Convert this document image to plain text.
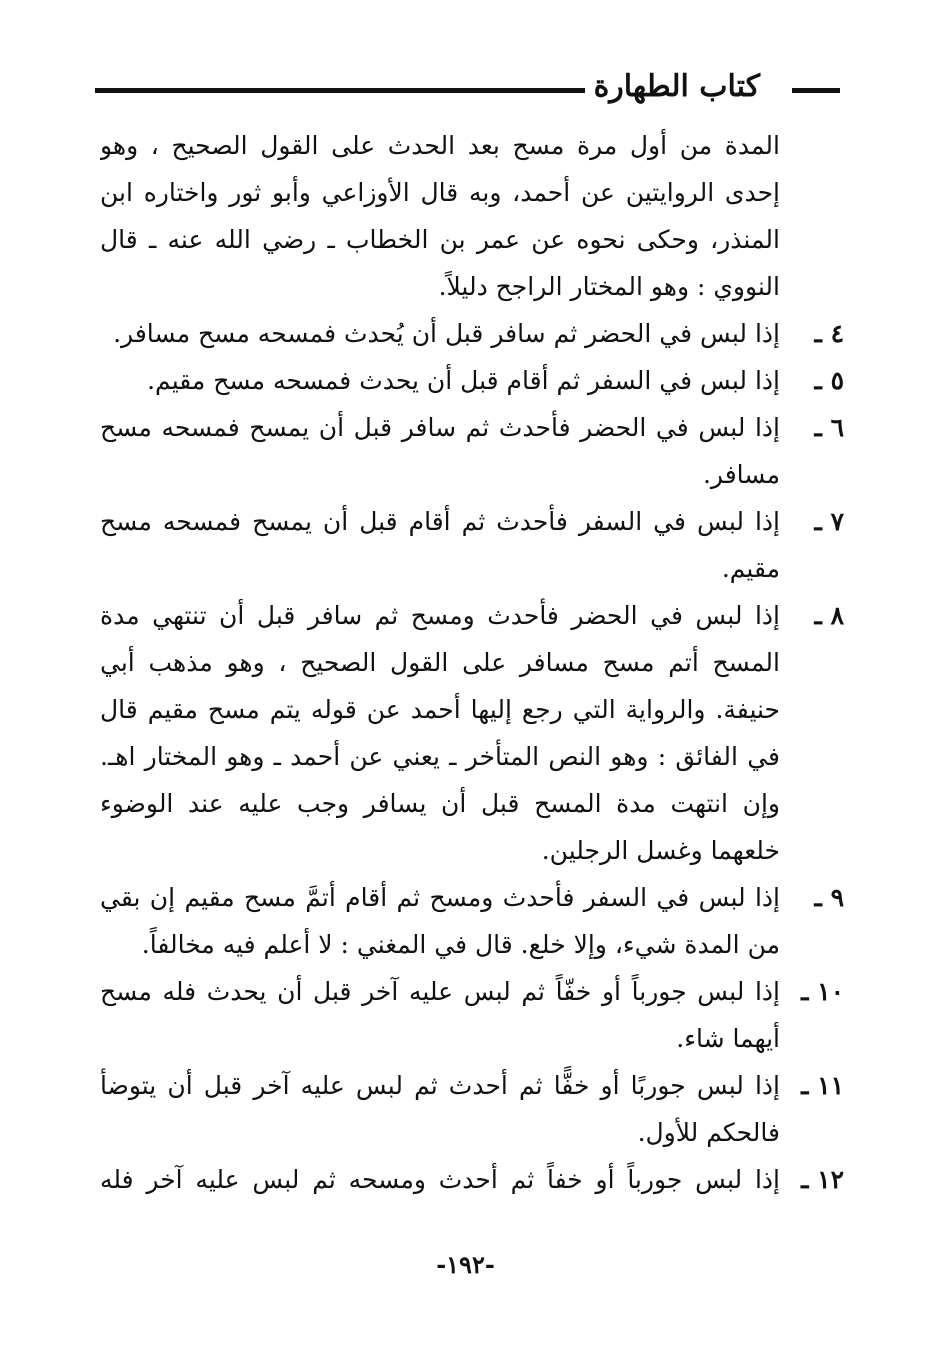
كتاب الطهارة
المدة من أول مرة مسح بعد الحدث على القول الصحيح ، وهو
إحدى الروايتين عن أحمد، وبه قال الأوزاعي وأبو ثور واختاره ابن
المنذر، وحكى نحوه عن عمر بن الخطاب ـ رضي الله عنه ـ قال
النووي : وهو المختار الراجح دليلاً.
٤ ـ
إذا لبس في الحضر ثم سافر قبل أن يُحدث فمسحه مسح مسافر.
٥ ـ
إذا لبس في السفر ثم أقام قبل أن يحدث فمسحه مسح مقيم.
٦ ـ
إذا لبس في الحضر فأحدث ثم سافر قبل أن يمسح فمسحه مسح
مسافر.
٧ ـ
إذا لبس في السفر فأحدث ثم أقام قبل أن يمسح فمسحه مسح
مقيم.
٨ ـ
إذا لبس في الحضر فأحدث ومسح ثم سافر قبل أن تنتهي مدة
المسح أتم مسح مسافر على القول الصحيح ، وهو مذهب أبي
حنيفة. والرواية التي رجع إليها أحمد عن قوله يتم مسح مقيم قال
في الفائق : وهو النص المتأخر ـ يعني عن أحمد ـ وهو المختار اهـ.
وإن انتهت مدة المسح قبل أن يسافر وجب عليه عند الوضوء
خلعهما وغسل الرجلين.
٩ ـ
إذا لبس في السفر فأحدث ومسح ثم أقام أتمَّ مسح مقيم إن بقي
من المدة شيء، وإلا خلع. قال في المغني : لا أعلم فيه مخالفاً.
١٠ ـ
إذا لبس جورباً أو خفّاً ثم لبس عليه آخر قبل أن يحدث فله مسح
أيهما شاء.
١١ ـ
إذا لبس جوربًا أو خفًّا ثم أحدث ثم لبس عليه آخر قبل أن يتوضأ
فالحكم للأول.
١٢ ـ
إذا لبس جورباً أو خفاً ثم أحدث ومسحه ثم لبس عليه آخر فله
-١٩٢-
